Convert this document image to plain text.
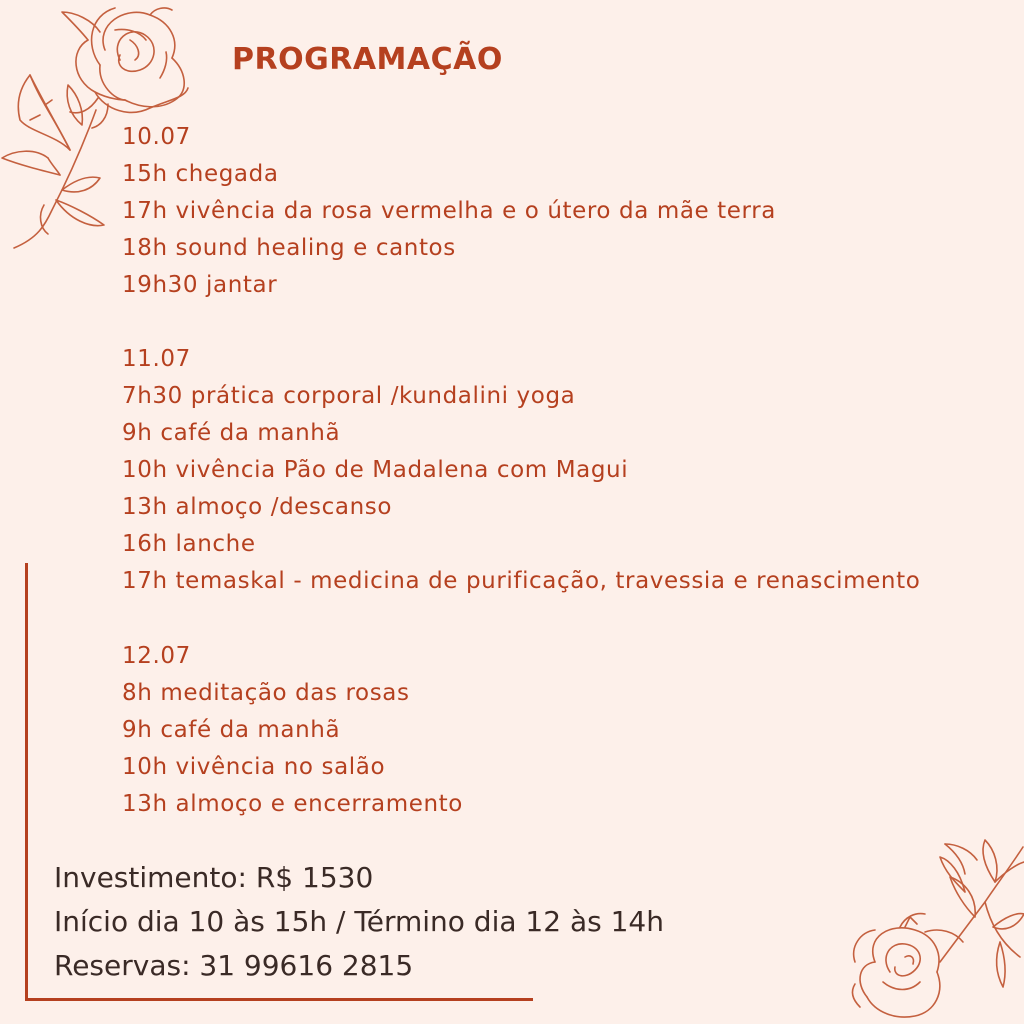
PROGRAMAÇÃO
10.07
15h chegada
17h vivência da rosa vermelha e o útero da mãe terra
18h sound healing e cantos
19h30 jantar
11.07
7h30 prática corporal /kundalini yoga
9h café da manhã
10h vivência Pão de Madalena com Magui
13h almoço /descanso
16h lanche
17h temaskal - medicina de purificação, travessia e renascimento
12.07
8h meditação das rosas
9h café da manhã
10h vivência no salão
13h almoço e encerramento
Investimento: R$ 1530
Início dia 10 às 15h / Término dia 12 às 14h
Reservas: 31 99616 2815
